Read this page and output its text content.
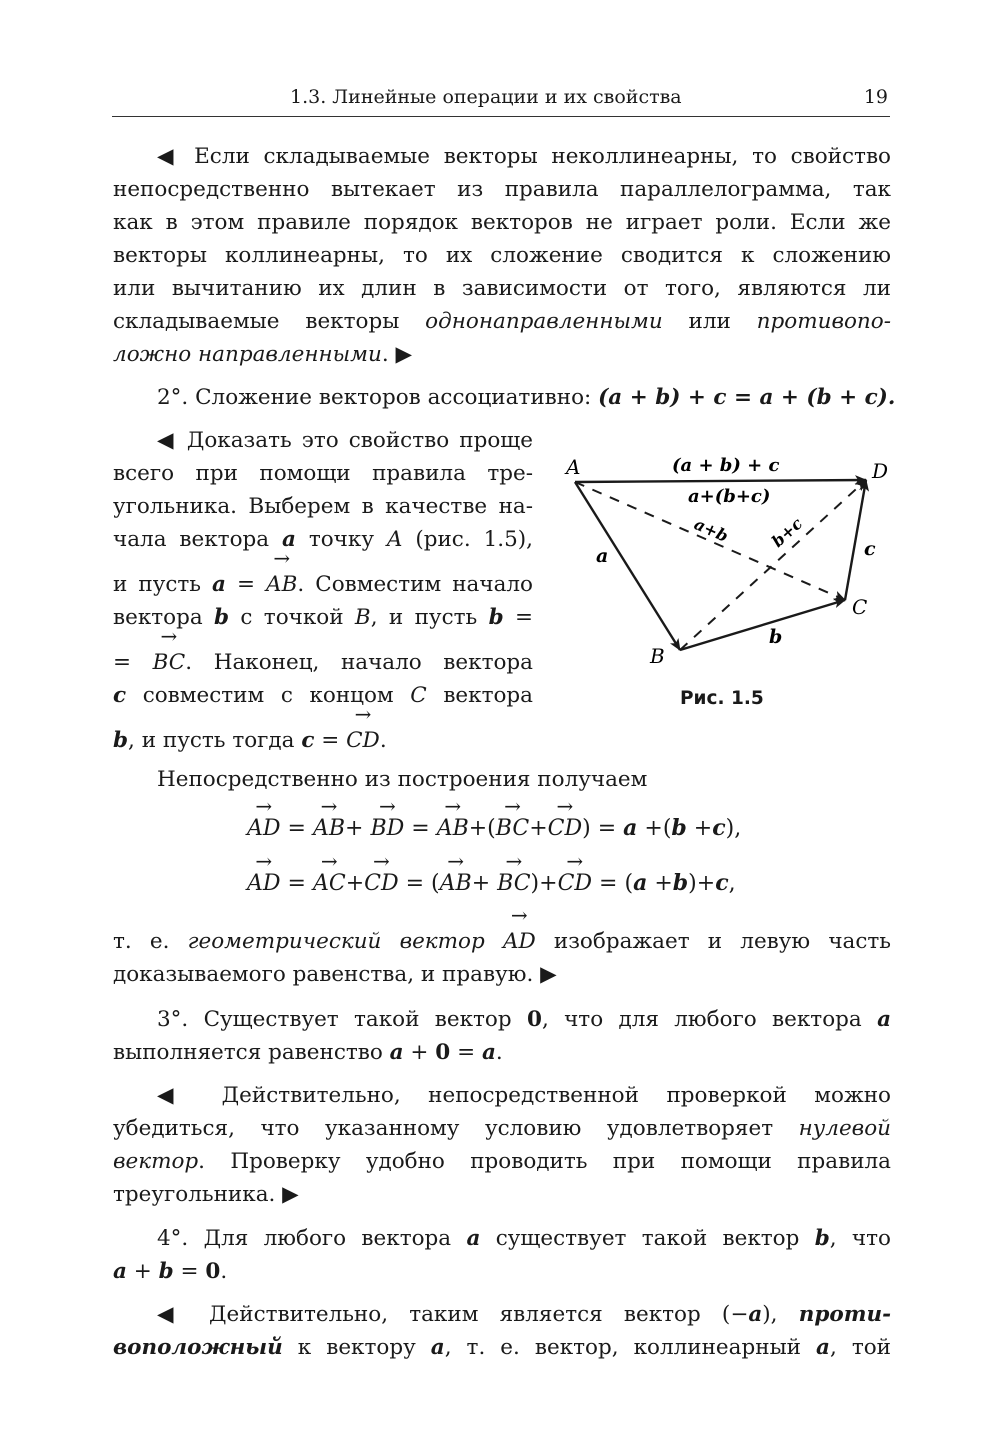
1.3. Линейные операции и их свойства	19
◀ Если складываемые векторы неколлинеарны, то свойство
непосредственно вытекает из правила параллелограмма, так
как в этом правиле порядок векторов не играет роли. Если же
векторы коллинеарны, то их сложение сводится к сложению
или вычитанию их длин в зависимости от того, являются ли
складываемые векторы однонаправленными или противопо-
ложно направленными. ▶
2°. Сложение векторов ассоциативно: (a + b) + c = a + (b + c).
◀ Доказать это свойство проще
всего при помощи правила тре-
угольника. Выберем в качестве на-
чала вектора a точку A (рис. 1.5),
и пусть a =
→
AB. Совместим начало
вектора b с точкой B, и пусть b =
=
→
BC. Наконец, начало вектора
c совместим с концом C вектора
b, и пусть тогда c =
→
CD.
A	D
B
C
a
b
c
(a + b) + c
a+(b+c)
a+b b+c
Рис. 1.5
Непосредственно из построения получаем
→
AD =
→
AB+
→
BD =
→
AB+(
→
BC+
→
CD) = a +(b +c),
→
AD =
→
AC+
→
CD = (
→
AB+
→
BC)+
→
CD = (a +b)+c,
т. е. геометрический вектор
→
AD изображает и левую часть
доказываемого равенства, и правую. ▶
3°. Существует такой вектор 0, что для любого вектора a
выполняется равенство a + 0 = a.
◀ Действительно, непосредственной проверкой можно
убедиться, что указанному условию удовлетворяет нулевой
вектор. Проверку удобно проводить при помощи правила
треугольника. ▶
4°. Для любого вектора a существует такой вектор b, что
a + b = 0.
◀ Действительно, таким является вектор (−a), проти-
воположный к вектору a, т. е. вектор, коллинеарный a, той
